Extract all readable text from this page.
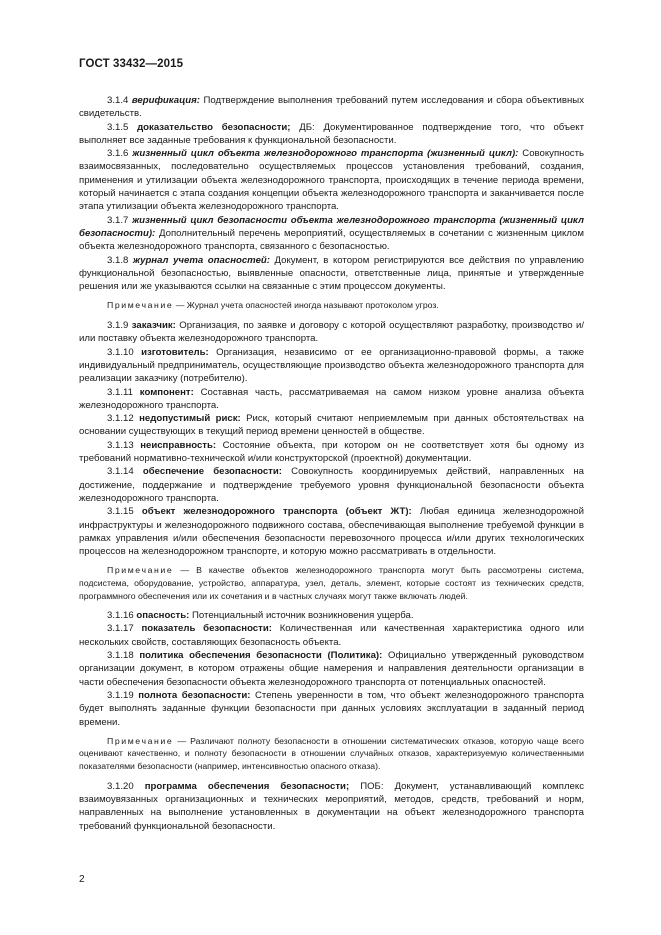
ГОСТ 33432—2015

3.1.4 верификация: Подтверждение выполнения требований путем исследования и сбора объективных свидетельств.

3.1.5 доказательство безопасности; ДБ: Документированное подтверждение того, что объект выполняет все заданные требования к функциональной безопасности.

3.1.6 жизненный цикл объекта железнодорожного транспорта (жизненный цикл): Совокупность взаимосвязанных, последовательно осуществляемых процессов установления требований, создания, применения и утилизации объекта железнодорожного транспорта, происходящих в течение периода времени, который начинается с этапа создания концепции объекта железнодорожного транспорта и заканчивается после этапа утилизации объекта железнодорожного транспорта.

3.1.7 жизненный цикл безопасности объекта железнодорожного транспорта (жизненный цикл безопасности): Дополнительный перечень мероприятий, осуществляемых в сочетании с жизненным циклом объекта железнодорожного транспорта, связанного с безопасностью.

3.1.8 журнал учета опасностей: Документ, в котором регистрируются все действия по управлению функциональной безопасностью, выявленные опасности, ответственные лица, принятые и утвержденные решения или же указываются ссылки на связанные с этим процессом документы.

Примечание — Журнал учета опасностей иногда называют протоколом угроз.

3.1.9 заказчик: Организация, по заявке и договору с которой осуществляют разработку, производство и/или поставку объекта железнодорожного транспорта.

3.1.10 изготовитель: Организация, независимо от ее организационно-правовой формы, а также индивидуальный предприниматель, осуществляющие производство объекта железнодорожного транспорта для реализации заказчику (потребителю).

3.1.11 компонент: Составная часть, рассматриваемая на самом низком уровне анализа объекта железнодорожного транспорта.

3.1.12 недопустимый риск: Риск, который считают неприемлемым при данных обстоятельствах на основании существующих в текущий период времени ценностей в обществе.

3.1.13 неисправность: Состояние объекта, при котором он не соответствует хотя бы одному из требований нормативно-технической и/или конструкторской (проектной) документации.

3.1.14 обеспечение безопасности: Совокупность координируемых действий, направленных на достижение, поддержание и подтверждение требуемого уровня функциональной безопасности объекта железнодорожного транспорта.

3.1.15 объект железнодорожного транспорта (объект ЖТ): Любая единица железнодорожной инфраструктуры и железнодорожного подвижного состава, обеспечивающая выполнение требуемой функции в рамках управления и/или обеспечения безопасности перевозочного процесса и/или других технологических процессов на железнодорожном транспорте, и которую можно рассматривать в отдельности.

Примечание — В качестве объектов железнодорожного транспорта могут быть рассмотрены система, подсистема, оборудование, устройство, аппаратура, узел, деталь, элемент, которые состоят из технических средств, программного обеспечения или их сочетания и в частных случаях могут также включать людей.

3.1.16 опасность: Потенциальный источник возникновения ущерба.

3.1.17 показатель безопасности: Количественная или качественная характеристика одного или нескольких свойств, составляющих безопасность объекта.

3.1.18 политика обеспечения безопасности (Политика): Официально утвержденный руководством организации документ, в котором отражены общие намерения и направления деятельности организации в части обеспечения безопасности объекта железнодорожного транспорта от потенциальных опасностей.

3.1.19 полнота безопасности: Степень уверенности в том, что объект железнодорожного транспорта будет выполнять заданные функции безопасности при данных условиях эксплуатации в заданный период времени.

Примечание — Различают полноту безопасности в отношении систематических отказов, которую чаще всего оценивают качественно, и полноту безопасности в отношении случайных отказов, характеризуемую количественными показателями безопасности (например, интенсивностью опасного отказа).

3.1.20 программа обеспечения безопасности; ПОБ: Документ, устанавливающий комплекс взаимоувязанных организационных и технических мероприятий, методов, средств, требований и норм, направленных на выполнение установленных в документации на объект железнодорожного транспорта требований функциональной безопасности.

2
